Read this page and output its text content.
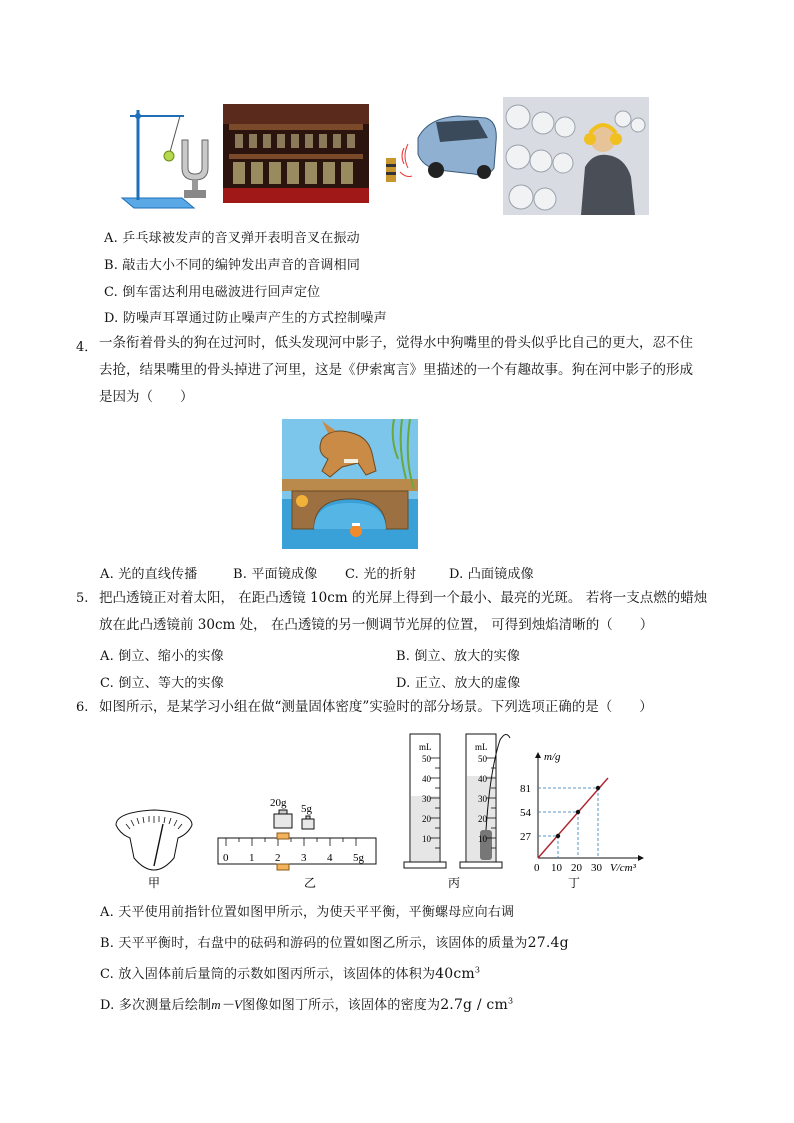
A. 乒乓球被发声的音叉弹开表明音叉在振动
B. 敲击大小不同的编钟发出声音的音调相同
C. 倒车雷达利用电磁波进行回声定位
D. 防噪声耳罩通过防止噪声产生的方式控制噪声
4． 一条衔着骨头的狗在过河时，低头发现河中影子，觉得水中狗嘴里的骨头似乎比自己的更大，忍不住
去抢，结果嘴里的骨头掉进了河里，这是《伊索寓言》里描述的一个有趣故事。狗在河中影子的形成
是因为（　　）
A. 光的直线传播	B. 平面镜成像 C. 光的折射	D. 凸面镜成像
5. 把凸透镜正对着太阳， 在距凸透镜 10cm 的光屏上得到一个最小、最亮的光斑。 若将一支点燃的蜡烛
放在此凸透镜前 30cm 处， 在凸透镜的另一侧调节光屏的位置， 可得到烛焰清晰的（　　）
A. 倒立、缩小的实像	B. 倒立、放大的实像
C. 倒立、等大的实像	D. 正立、放大的虚像
6. 如图所示，是某学习小组在做“测量固体密度”实验时的部分场景。下列选项正确的是（　　）
甲
20g 5g
0 1 2 3 4 5g
乙
mL
50
40
30
20
10
mL
50
40
30
20
10
丙
m/g
81
54
27
0 10 20 30 V/cm³
丁
A. 天平使用前指针位置如图甲所示，为使天平平衡，平衡螺母应向右调
B. 天平平衡时，右盘中的砝码和游码的位置如图乙所示，该固体的质量为27.4g
C. 放入固体前后量筒的示数如图丙所示，该固体的体积为$40cm^3$
D. 多次测量后绘制m－V图像如图丁所示，该固体的密度为$2.7g / cm^3$
